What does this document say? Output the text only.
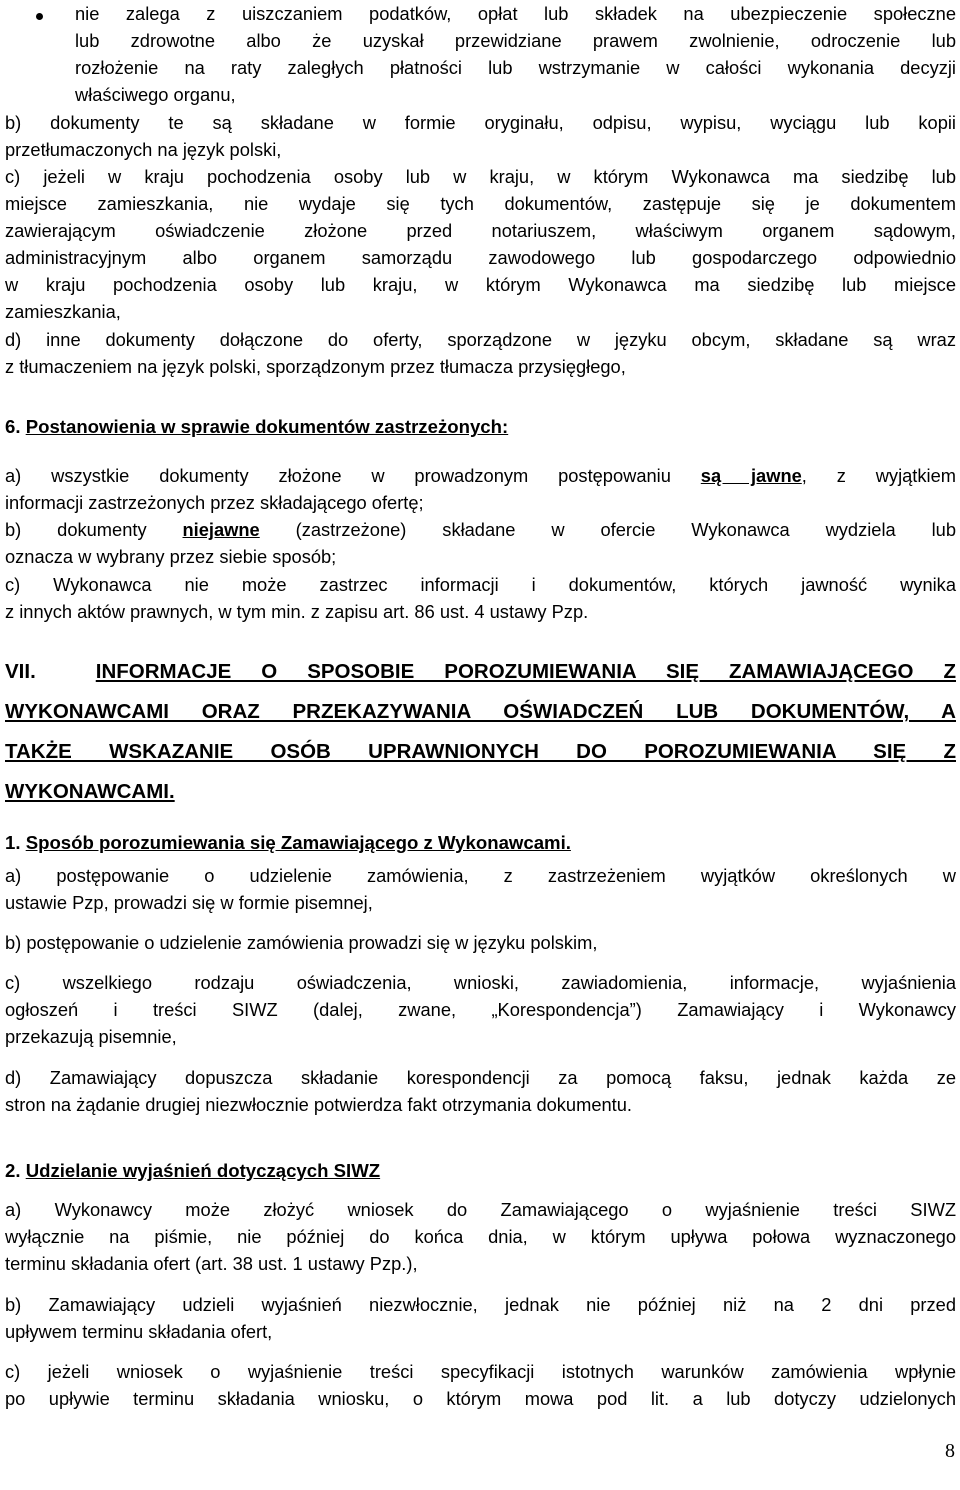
nie zalega z uiszczaniem podatków, opłat lub składek na ubezpieczenie społeczne
lub zdrowotne albo że uzyskał przewidziane prawem zwolnienie, odroczenie lub
rozłożenie na raty zaległych płatności lub wstrzymanie w całości wykonania decyzji
właściwego organu,
b) dokumenty te są składane w formie oryginału, odpisu, wypisu, wyciągu lub kopii
przetłumaczonych na język polski,
c) jeżeli w kraju pochodzenia osoby lub w kraju, w którym Wykonawca ma siedzibę lub
miejsce zamieszkania, nie wydaje się tych dokumentów, zastępuje się je dokumentem
zawierającym oświadczenie złożone przed notariuszem, właściwym organem sądowym,
administracyjnym albo organem samorządu zawodowego lub gospodarczego odpowiednio
w kraju pochodzenia osoby lub kraju, w którym Wykonawca ma siedzibę lub miejsce
zamieszkania,
d) inne dokumenty dołączone do oferty, sporządzone w języku obcym, składane są wraz
z tłumaczeniem na język polski, sporządzonym przez tłumacza przysięgłego,
6. Postanowienia w sprawie dokumentów zastrzeżonych:
a) wszystkie dokumenty złożone w prowadzonym postępowaniu są jawne, z wyjątkiem
informacji zastrzeżonych przez składającego ofertę;
b) dokumenty niejawne (zastrzeżone) składane w ofercie Wykonawca wydziela lub
oznacza w wybrany przez siebie sposób;
c) Wykonawca nie może zastrzec informacji i dokumentów, których jawność wynika
z innych aktów prawnych, w tym min. z zapisu art. 86 ust. 4 ustawy Pzp.
VII.	INFORMACJE O SPOSOBIE POROZUMIEWANIA SIĘ ZAMAWIAJĄCEGO Z
WYKONAWCAMI ORAZ PRZEKAZYWANIA OŚWIADCZEŃ LUB DOKUMENTÓW, A
TAKŻE WSKAZANIE OSÓB UPRAWNIONYCH DO POROZUMIEWANIA SIĘ Z
WYKONAWCAMI.
1. Sposób porozumiewania się Zamawiającego z Wykonawcami.
a) postępowanie o udzielenie zamówienia, z zastrzeżeniem wyjątków określonych w
ustawie Pzp, prowadzi się w formie pisemnej,
b) postępowanie o udzielenie zamówienia prowadzi się w języku polskim,
c) wszelkiego rodzaju oświadczenia, wnioski, zawiadomienia, informacje, wyjaśnienia
ogłoszeń i treści SIWZ (dalej, zwane, „Korespondencja”) Zamawiający i Wykonawcy
przekazują pisemnie,
d) Zamawiający dopuszcza składanie korespondencji za pomocą faksu, jednak każda ze
stron na żądanie drugiej niezwłocznie potwierdza fakt otrzymania dokumentu.
2. Udzielanie wyjaśnień dotyczących SIWZ
a) Wykonawcy może złożyć wniosek do Zamawiającego o wyjaśnienie treści SIWZ
wyłącznie na piśmie, nie później do końca dnia, w którym upływa połowa wyznaczonego
terminu składania ofert (art. 38 ust. 1 ustawy Pzp.),
b) Zamawiający udzieli wyjaśnień niezwłocznie, jednak nie później niż na 2 dni przed
upływem terminu składania ofert,
c) jeżeli wniosek o wyjaśnienie treści specyfikacji istotnych warunków zamówienia wpłynie
po upływie terminu składania wniosku, o którym mowa pod lit. a lub dotyczy udzielonych
8
